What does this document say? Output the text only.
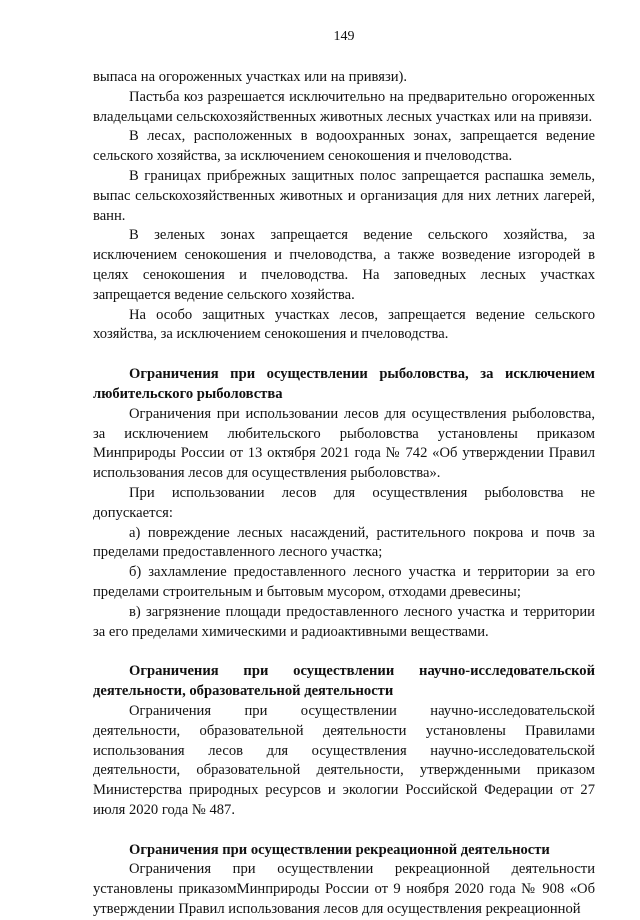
149

выпаса на огороженных участках или на привязи).

Пастьба коз разрешается исключительно на предварительно огороженных владельцами сельскохозяйственных животных лесных участках или на привязи.

В лесах, расположенных в водоохранных зонах, запрещается ведение сельского хозяйства, за исключением сенокошения и пчеловодства.

В границах прибрежных защитных полос запрещается распашка земель, выпас сельскохозяйственных животных и организация для них летних лагерей, ванн.

В зеленых зонах запрещается ведение сельского хозяйства, за исключением сенокошения и пчеловодства, а также возведение изгородей в целях сенокошения и пчеловодства. На заповедных лесных участках запрещается ведение сельского хозяйства.

На особо защитных участках лесов, запрещается ведение сельского хозяйства, за исключением сенокошения и пчеловодства.

Ограничения при осуществлении рыболовства, за исключением любительского рыболовства

Ограничения при использовании лесов для осуществления рыболовства, за исключением любительского рыболовства установлены приказом Минприроды России от 13 октября 2021 года № 742 «Об утверждении Правил использования лесов для осуществления рыболовства».

При использовании лесов для осуществления рыболовства не допускается:

а) повреждение лесных насаждений, растительного покрова и почв за пределами предоставленного лесного участка;

б) захламление предоставленного лесного участка и территории за его пределами строительным и бытовым мусором, отходами древесины;

в) загрязнение площади предоставленного лесного участка и территории за его пределами химическими и радиоактивными веществами.

Ограничения при осуществлении научно-исследовательской деятельности, образовательной деятельности

Ограничения при осуществлении научно-исследовательской деятельности, образовательной деятельности установлены Правилами использования лесов для осуществления научно-исследовательской деятельности, образовательной деятельности, утвержденными приказом Министерства природных ресурсов и экологии Российской Федерации от 27 июля 2020 года № 487.

Ограничения при осуществлении рекреационной деятельности

Ограничения при осуществлении рекреационной деятельности установлены приказомМинприроды России от 9 ноября 2020 года № 908 «Об утверждении Правил использования лесов для осуществления рекреационной
